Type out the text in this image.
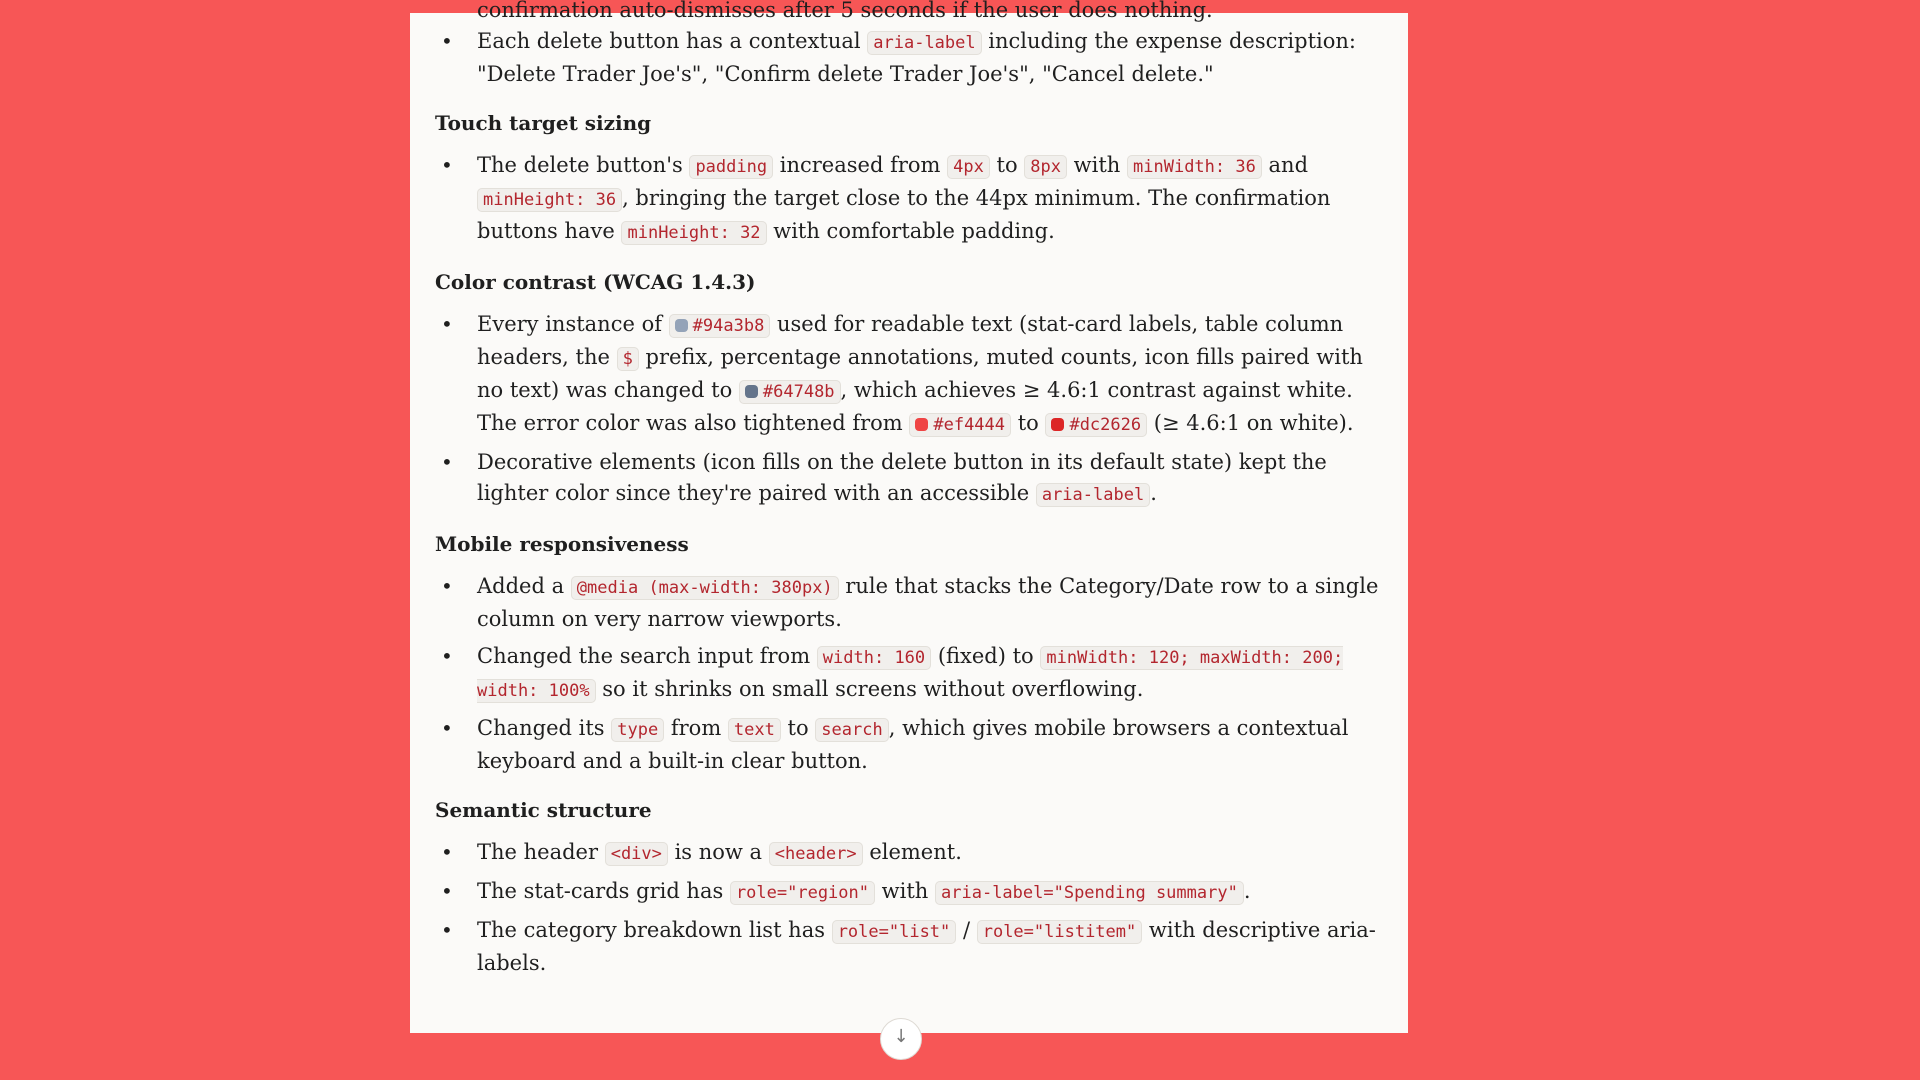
confirmation auto-dismisses after 5 seconds if the user does nothing.
• Each delete button has a contextual aria-label including the expense description: "Delete Trader Joe's", "Confirm delete Trader Joe's", "Cancel delete."
Touch target sizing
• The delete button's padding increased from 4px to 8px with minWidth: 36 and minHeight: 36 , bringing the target close to the 44px minimum. The confirmation buttons have minHeight: 32 with comfortable padding.
Color contrast (WCAG 1.4.3)
• Every instance of #94a3b8 used for readable text (stat-card labels, table column headers, the $ prefix, percentage annotations, muted counts, icon fills paired with no text) was changed to #64748b , which achieves ≥ 4.6:1 contrast against white. The error color was also tightened from #ef4444 to #dc2626 (≥ 4.6:1 on white).
• Decorative elements (icon fills on the delete button in its default state) kept the lighter color since they're paired with an accessible aria-label .
Mobile responsiveness
• Added a @media (max-width: 380px) rule that stacks the Category/Date row to a single column on very narrow viewports.
• Changed the search input from width: 160 (fixed) to minWidth: 120; maxWidth: 200; width: 100% so it shrinks on small screens without overflowing.
• Changed its type from text to search , which gives mobile browsers a contextual keyboard and a built-in clear button.
Semantic structure
• The header <div> is now a <header> element.
• The stat-cards grid has role="region" with aria-label="Spending summary" .
• The category breakdown list has role="list" / role="listitem" with descriptive aria-labels.
↓
